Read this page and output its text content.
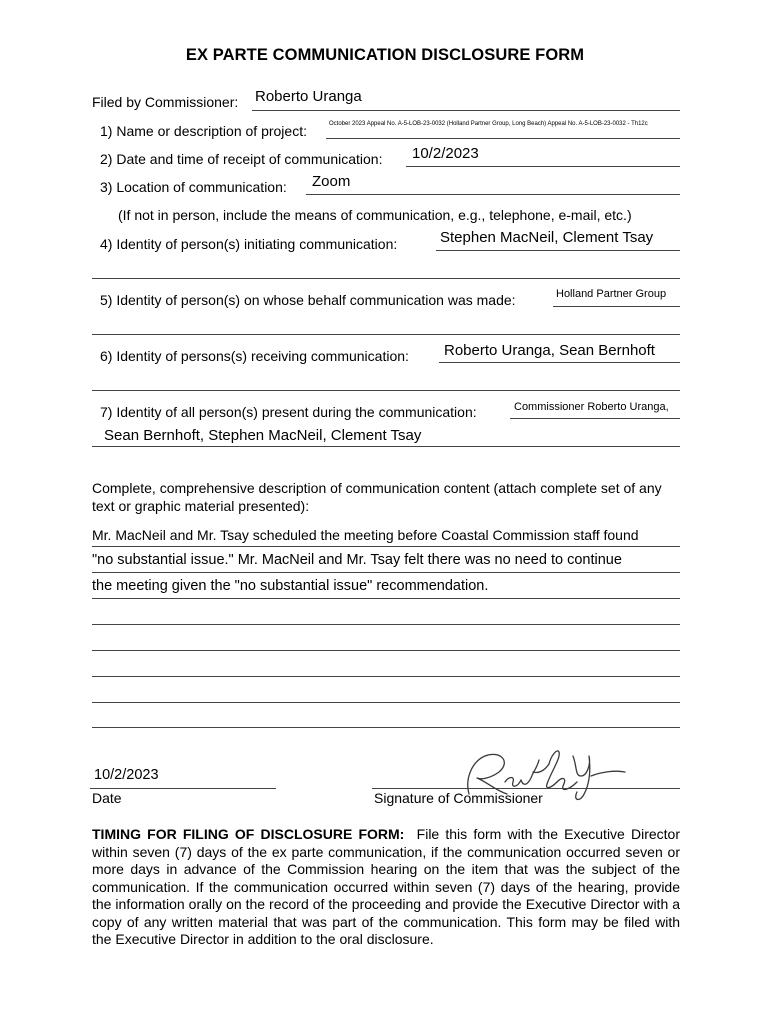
EX PARTE COMMUNICATION DISCLOSURE FORM
Filed by Commissioner: Roberto Uranga
1) Name or description of project:	October 2023 Appeal No. A-5-LOB-23-0032 (Holland Partner Group, Long Beach) Appeal No. A-5-LOB-23-0032 - Th12c
2) Date and time of receipt of communication: 10/2/2023
3) Location of communication: Zoom
(If not in person, include the means of communication, e.g., telephone, e-mail, etc.)
4) Identity of person(s) initiating communication:	Stephen MacNeil, Clement Tsay
5) Identity of person(s) on whose behalf communication was made:	Holland Partner Group
6) Identity of persons(s) receiving communication: Roberto Uranga, Sean Bernhoft
7) Identity of all person(s) present during the communication:	Commissioner Roberto Uranga,
Sean Bernhoft, Stephen MacNeil, Clement Tsay
Complete, comprehensive description of communication content (attach complete set of any text or graphic material presented):
Mr. MacNeil and Mr. Tsay scheduled the meeting before Coastal Commission staff found
"no substantial issue." Mr. MacNeil and Mr. Tsay felt there was no need to continue
the meeting given the "no substantial issue" recommendation.
10/2/2023
Date	Signature of Commissioner
TIMING FOR FILING OF DISCLOSURE FORM: File this form with the Executive Director within seven (7) days of the ex parte communication, if the communication occurred seven or more days in advance of the Commission hearing on the item that was the subject of the communication. If the communication occurred within seven (7) days of the hearing, provide the information orally on the record of the proceeding and provide the Executive Director with a copy of any written material that was part of the communication. This form may be filed with the Executive Director in addition to the oral disclosure.
